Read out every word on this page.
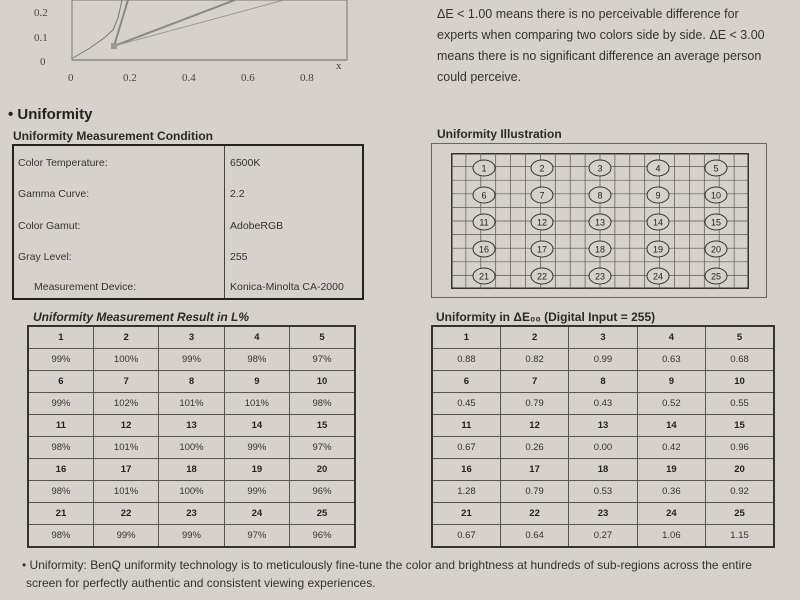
0.2
0.1
0
0	0.2	0.4	0.6	0.8
x
ΔE < 1.00 means there is no perceivable difference for
experts when comparing two colors side by side. ΔE < 3.00
means there is no significant difference an average person
could perceive.
• Uniformity
Uniformity Measurement Condition
Color Temperature:	6500K
Gamma Curve:	2.2
Color Gamut:	AdobeRGB
Gray Level:	255
Measurement Device:	Konica-Minolta CA-2000
Uniformity Illustration
1	2	3	4	5
6	7	8	9	10
11	12	13	14	15
16	17	18	19	20
21	22	23	24	25
Uniformity Measurement Result in L%
1	2	3	4	5
99%	100%	99%	98%	97%
6	7	8	9	10
99%	102%	101%	101%	98%
11	12	13	14	15
98%	101%	100%	99%	97%
16	17	18	19	20
98%	101%	100%	99%	96%
21	22	23	24	25
98%	99%	99%	97%	96%
Uniformity in ΔE₀₀ (Digital Input = 255)
1	2	3	4	5
0.88	0.82	0.99	0.63	0.68
6	7	8	9	10
0.45	0.79	0.43	0.52	0.55
11	12	13	14	15
0.67	0.26	0.00	0.42	0.96
16	17	18	19	20
1.28	0.79	0.53	0.36	0.92
21	22	23	24	25
0.67	0.64	0.27	1.06	1.15
• Uniformity: BenQ uniformity technology is to meticulously fine-tune the color and brightness at hundreds of sub-regions across the entire
screen for perfectly authentic and consistent viewing experiences.
